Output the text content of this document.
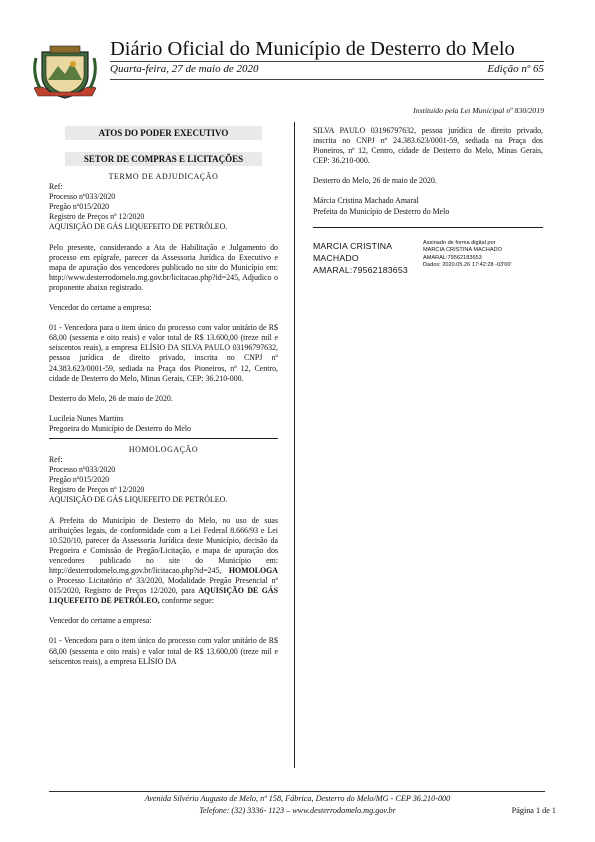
Diário Oficial do Município de Desterro do Melo
Quarta-feira, 27 de maio de 2020	Edição nº 65
Instituído pela Lei Municipal nº 830/2019
ATOS DO PODER EXECUTIVO
SETOR DE COMPRAS E LICITAÇÕES

TERMO DE ADJUDICAÇÃO

Ref:

Processo nº033/2020

Pregão nº015/2020

Registro de Preços nº 12/2020

AQUISIÇÃO DE GÁS LIQUEFEITO DE PETRÓLEO.

Pelo presente, considerando a Ata de Habilitação e Julgamento do processo em epígrafe, parecer da Assessoria Jurídica do Executivo e mapa de apuração dos vencedores publicado no site do Município em: http://www.desterrodomelo.mg.gov.br/licitacao.php?id=245, Adjudico o proponente abaixo registrado.

Vencedor do certame a empresa:

01 - Vencedora para o item único do processo com valor unitário de R$ 68,00 (sessenta e oito reais) e valor total de R$ 13.600,00 (treze mil e seiscentos reais), a empresa ELÍSIO DA SILVA PAULO 03196797632, pessoa jurídica de direito privado, inscrita no CNPJ nº 24.383.623/0001-59, sediada na Praça dos Pioneiros, nº 12, Centro, cidade de Desterro do Melo, Minas Gerais, CEP: 36.210-000.

Desterro do Melo, 26 de maio de 2020.

Lucileia Nunes Martins

Pregoeira do Município de Desterro do Melo

HOMOLOGAÇÃO

Ref:

Processo nº033/2020

Pregão nº015/2020

Registro de Preços nº 12/2020

AQUISIÇÃO DE GÁS LIQUEFEITO DE PETRÓLEO.

A Prefeita do Município de Desterro do Melo, no uso de suas atribuições legais, de conformidade com a Lei Federal 8.666/93 e Lei 10.520/10, parecer da Assessoria Jurídica deste Município, decisão da Pregoeira e Comissão de Pregão/Licitação, e mapa de apuração dos vencedores publicado no site do Município em: http://desterrodomelo.mg.gov.br/licitacao.php?id=245, HOMOLOGA o Processo Licitatório nº 33/2020, Modalidade Pregão Presencial nº 015/2020, Registro de Preços 12/2020, para AQUISIÇÃO DE GÁS LIQUEFEITO DE PETRÓLEO, conforme segue:

Vencedor do certame a empresa:

01 - Vencedora para o item único do processo com valor unitário de R$ 68,00 (sessenta e oito reais) e valor total de R$ 13.600,00 (treze mil e seiscentos reais), a empresa ELÍSIO DA

SILVA PAULO 03196797632, pessoa jurídica de direito privado, inscrita no CNPJ nº 24.383.623/0001-59, sediada na Praça dos Pioneiros, nº 12, Centro, cidade de Desterro do Melo, Minas Gerais, CEP: 36.210-000.

Desterro do Melo, 26 de maio de 2020.

Márcia Cristina Machado Amaral

Prefeita do Município de Desterro do Melo

MARCIA CRISTINA
MACHADO
AMARAL:79562183653
Assinado de forma digital por
MARCIA CRISTINA MACHADO
AMARAL:79562183653
Dados: 2020.05.26 17:42:28 -03'00'
Avenida Silvério Augusto de Melo, nº 158, Fábrica, Desterro do Melo/MG - CEP 36.210-000
Telefone: (32) 3336- 1123 – www.desterrodomelo.mg.gov.br	Página 1 de 1
